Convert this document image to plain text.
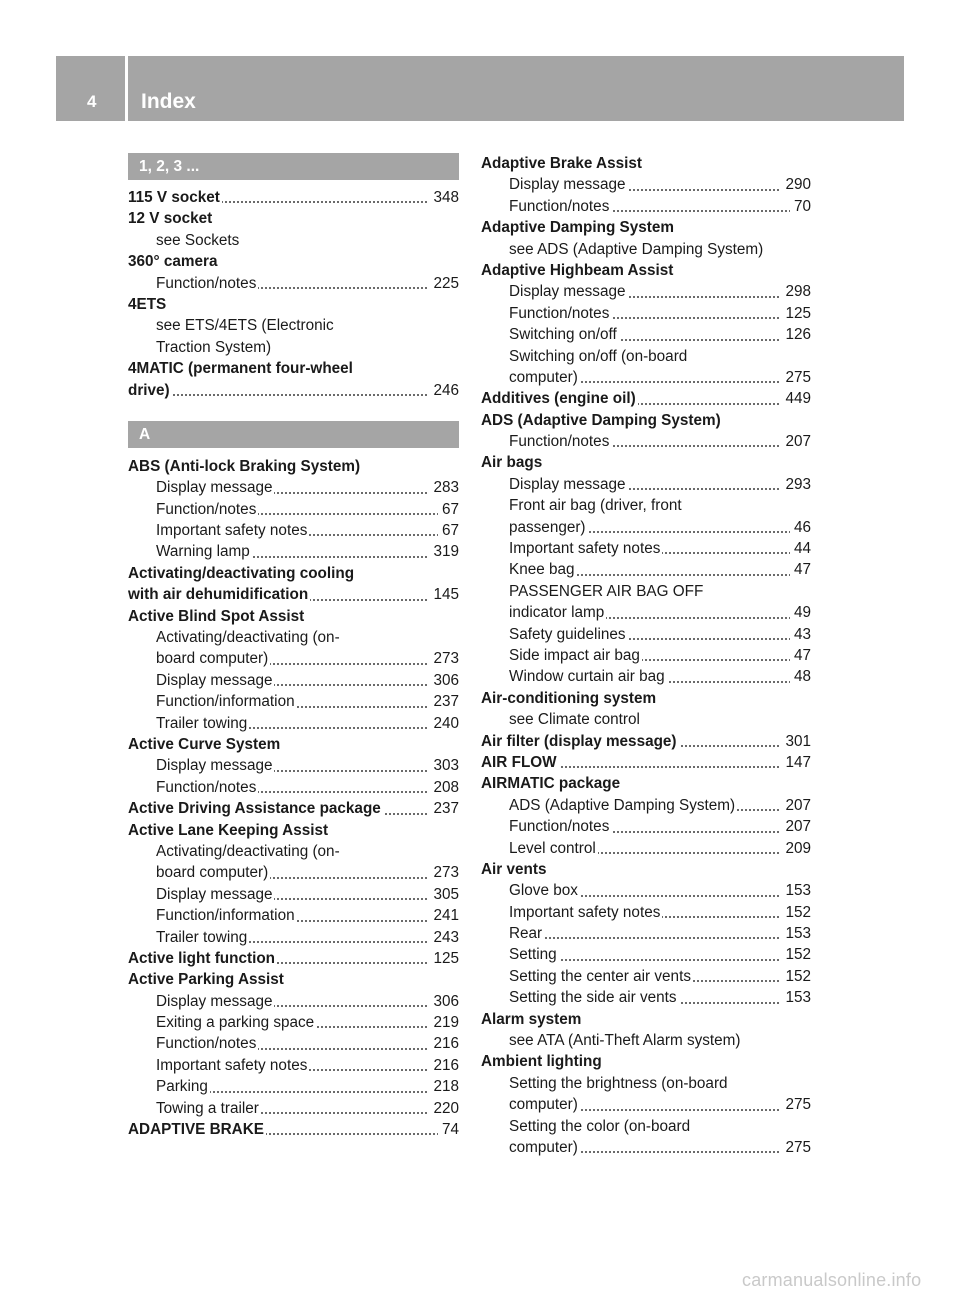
4 Index
1, 2, 3 ...
115 V socket	348
12 V socket
see Sockets
360° camera
Function/notes	225
4ETS
see ETS/4ETS (Electronic
Traction System)
4MATIC (permanent four-wheel
drive)	246
A
ABS (Anti-lock Braking System)
Display message	283
Function/notes	67
Important safety notes	67
Warning lamp	319
Activating/deactivating cooling
with air dehumidification	145
Active Blind Spot Assist
Activating/deactivating (on-
board computer)	273
Display message	306
Function/information	237
Trailer towing	240
Active Curve System
Display message	303
Function/notes	208
Active Driving Assistance package	237
Active Lane Keeping Assist
Activating/deactivating (on-
board computer)	273
Display message	305
Function/information	241
Trailer towing	243
Active light function	125
Active Parking Assist
Display message	306
Exiting a parking space	219
Function/notes	216
Important safety notes	216
Parking	218
Towing a trailer	220
ADAPTIVE BRAKE	74
Adaptive Brake Assist
Display message	290
Function/notes	70
Adaptive Damping System
see ADS (Adaptive Damping System)
Adaptive Highbeam Assist
Display message	298
Function/notes	125
Switching on/off	126
Switching on/off (on-board
computer)	275
Additives (engine oil)	449
ADS (Adaptive Damping System)
Function/notes	207
Air bags
Display message	293
Front air bag (driver, front
passenger)	46
Important safety notes	44
Knee bag	47
PASSENGER AIR BAG OFF
indicator lamp	49
Safety guidelines	43
Side impact air bag	47
Window curtain air bag	48
Air-conditioning system
see Climate control
Air filter (display message)	301
AIR FLOW	147
AIRMATIC package
ADS (Adaptive Damping System)	207
Function/notes	207
Level control	209
Air vents
Glove box	153
Important safety notes	152
Rear	153
Setting	152
Setting the center air vents	152
Setting the side air vents	153
Alarm system
see ATA (Anti-Theft Alarm system)
Ambient lighting
Setting the brightness (on-board
computer)	275
Setting the color (on-board
computer)	275
carmanualsonline.info
